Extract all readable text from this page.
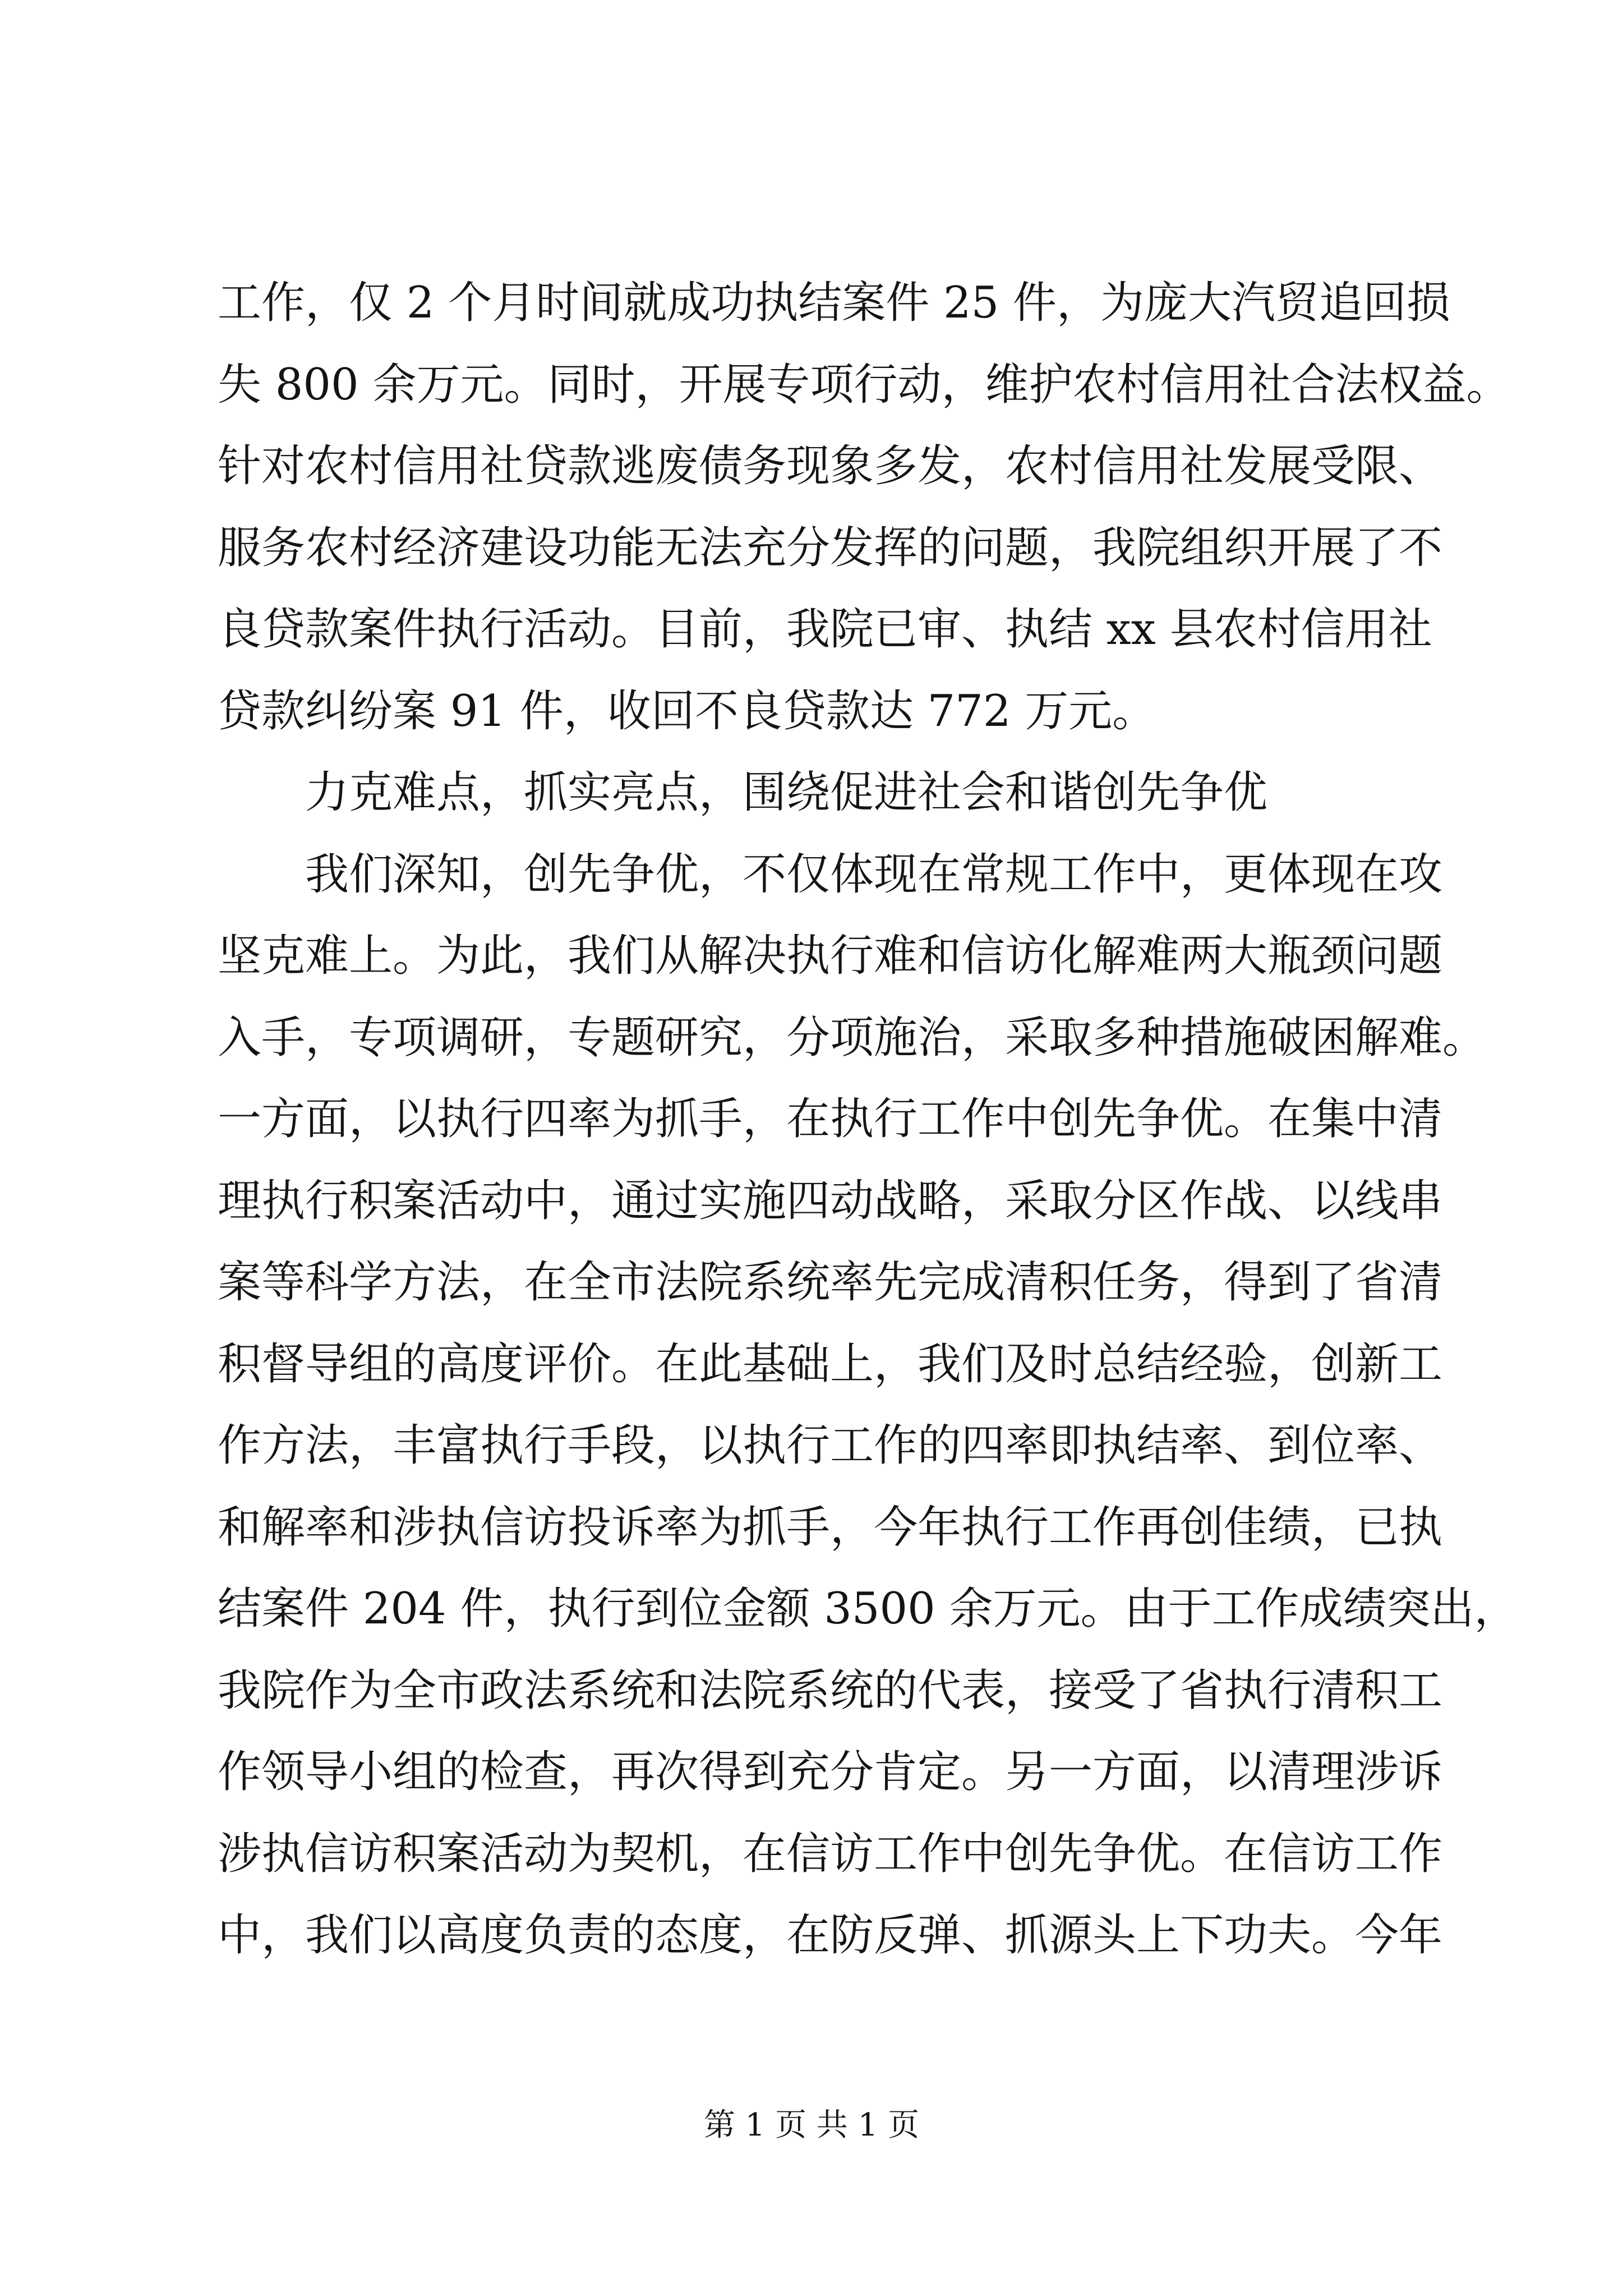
工作，仅 2 个月时间就成功执结案件 25 件，为庞大汽贸追回损

失 800 余万元。同时，开展专项行动，维护农村信用社合法权益。

针对农村信用社贷款逃废债务现象多发，农村信用社发展受限、

服务农村经济建设功能无法充分发挥的问题，我院组织开展了不

良贷款案件执行活动。目前，我院已审、执结 xx 县农村信用社

贷款纠纷案 91 件，收回不良贷款达 772 万元。

力克难点，抓实亮点，围绕促进社会和谐创先争优

我们深知，创先争优，不仅体现在常规工作中，更体现在攻

坚克难上。为此，我们从解决执行难和信访化解难两大瓶颈问题

入手，专项调研，专题研究，分项施治，采取多种措施破困解难。

一方面，以执行四率为抓手，在执行工作中创先争优。在集中清

理执行积案活动中，通过实施四动战略，采取分区作战、以线串

案等科学方法，在全市法院系统率先完成清积任务，得到了省清

积督导组的高度评价。在此基础上，我们及时总结经验，创新工

作方法，丰富执行手段，以执行工作的四率即执结率、到位率、

和解率和涉执信访投诉率为抓手，今年执行工作再创佳绩，已执

结案件 204 件，执行到位金额 3500 余万元。由于工作成绩突出，

我院作为全市政法系统和法院系统的代表，接受了省执行清积工

作领导小组的检查，再次得到充分肯定。另一方面，以清理涉诉

涉执信访积案活动为契机，在信访工作中创先争优。在信访工作

中，我们以高度负责的态度，在防反弹、抓源头上下功夫。今年

第 1 页 共 1 页
